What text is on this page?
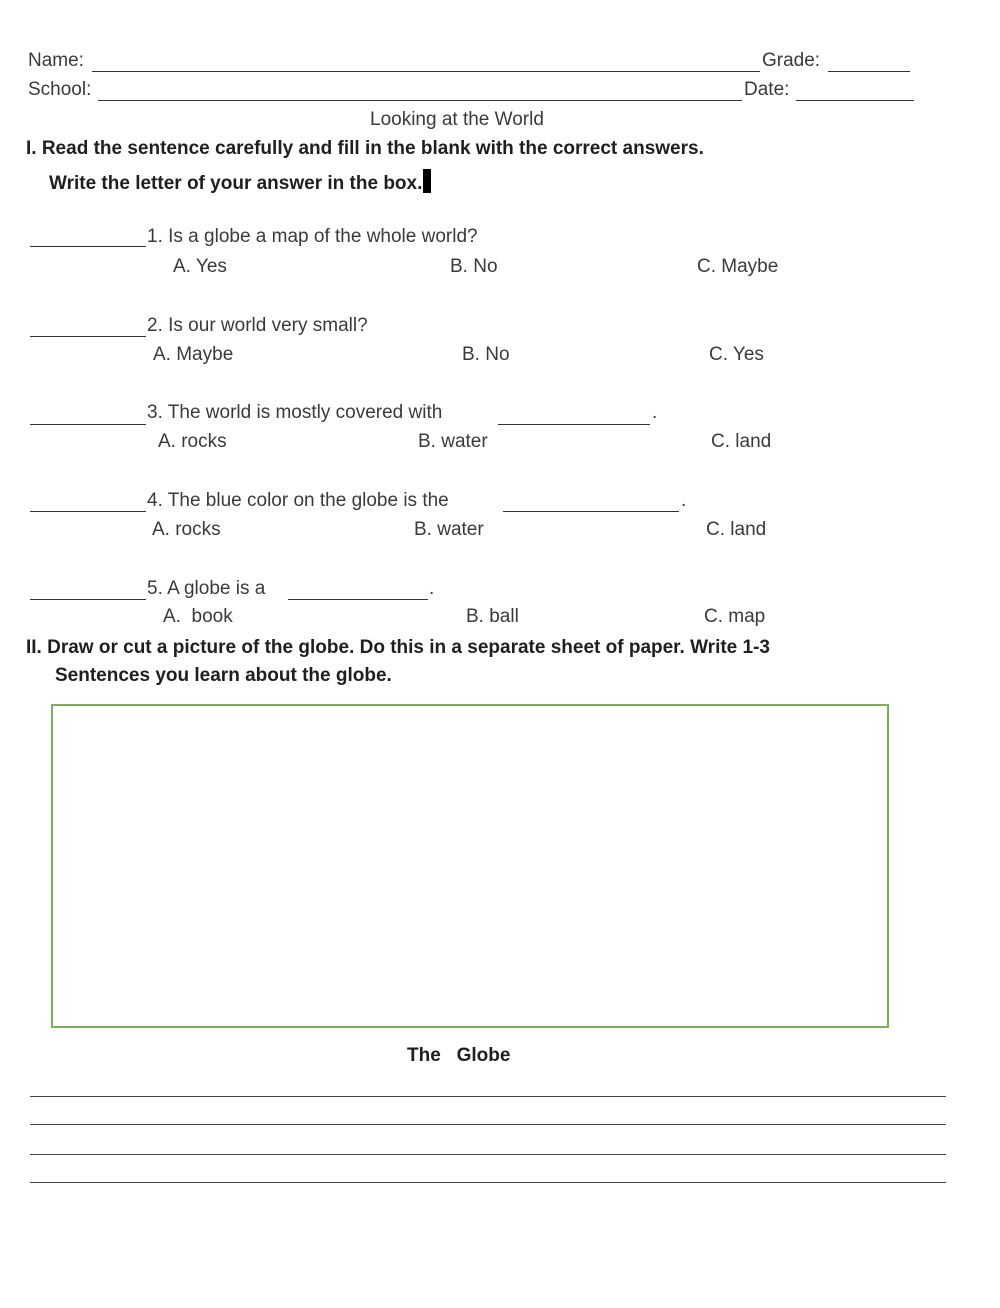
Name:	Grade:
School:	Date:
Looking at the World
I. Read the sentence carefully and fill in the blank with the correct answers.
Write the letter of your answer in the box.
1. Is a globe a map of the whole world?
A. Yes	B. No	C. Maybe
2. Is our world very small?
A. Maybe	B. No	C. Yes
3. The world is mostly covered with	.
A. rocks	B. water	C. land
4. The blue color on the globe is the	.
A. rocks	B. water	C. land
5. A globe is a	.
A.  book	B. ball	C. map
II. Draw or cut a picture of the globe. Do this in a separate sheet of paper. Write 1-3
Sentences you learn about the globe.
The   Globe
